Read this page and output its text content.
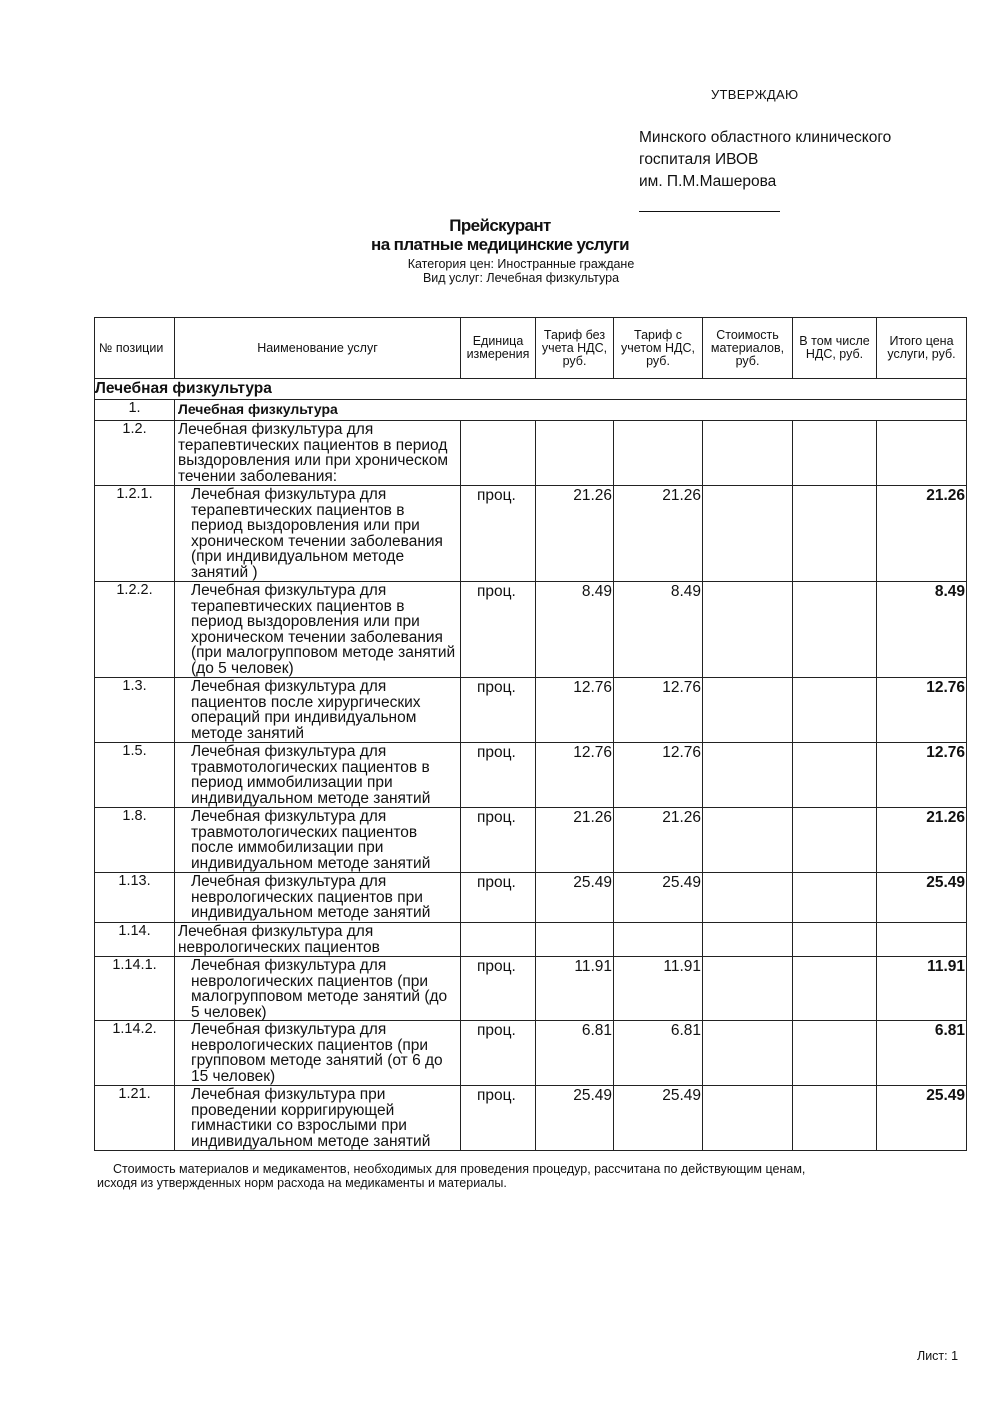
УТВЕРЖДАЮ
Минского областного клинического
госпиталя ИВОВ
им. П.М.Машерова
Прейскурант
на платные медицинские услуги
Категория цен: Иностранные граждане
Вид услуг: Лечебная физкультура
№ позиции	Наименование услуг	Единица измерения	Тариф без учета НДС, руб.	Тариф с учетом НДС, руб.	Стоимость материалов, руб.	В том числе НДС, руб.	Итого цена услуги, руб.
Лечебная физкультура							
1.	Лечебная физкультура						
1.2.	Лечебная физкультура для терапевтических пациентов в период выздоровления или при хроническом течении заболевания:						
1.2.1.	Лечебная физкультура для терапевтических пациентов в период выздоровления или при хроническом течении заболевания (при индивидуальном методе занятий )	проц.	21.26	21.26			21.26
1.2.2.	Лечебная физкультура для терапевтических пациентов в период выздоровления или при хроническом течении заболевания (при малогрупповом методе занятий (до 5 человек)	проц.	8.49	8.49			8.49
1.3.	Лечебная физкультура для пациентов после хирургических операций при индивидуальном методе занятий	проц.	12.76	12.76			12.76
1.5.	Лечебная физкультура для травмотологических пациентов в период иммобилизации при индивидуальном методе занятий	проц.	12.76	12.76			12.76
1.8.	Лечебная физкультура для травмотологических пациентов после иммобилизации при индивидуальном методе занятий	проц.	21.26	21.26			21.26
1.13.	Лечебная физкультура для неврологических пациентов при индивидуальном методе занятий	проц.	25.49	25.49			25.49
1.14.	Лечебная физкультура для неврологических пациентов						
1.14.1.	Лечебная физкультура для неврологических пациентов (при малогрупповом методе занятий (до 5 человек)	проц.	11.91	11.91			11.91
1.14.2.	Лечебная физкультура для неврологических пациентов (при групповом методе занятий (от 6 до 15 человек)	проц.	6.81	6.81			6.81
1.21.	Лечебная физкультура при проведении корригирующей гимнастики со взрослыми при индивидуальном методе занятий	проц.	25.49	25.49			25.49
Стоимость материалов и медикаментов, необходимых для проведения процедур, рассчитана по действующим ценам,
исходя из утвержденных норм расхода на медикаменты и материалы.
Лист: 1
